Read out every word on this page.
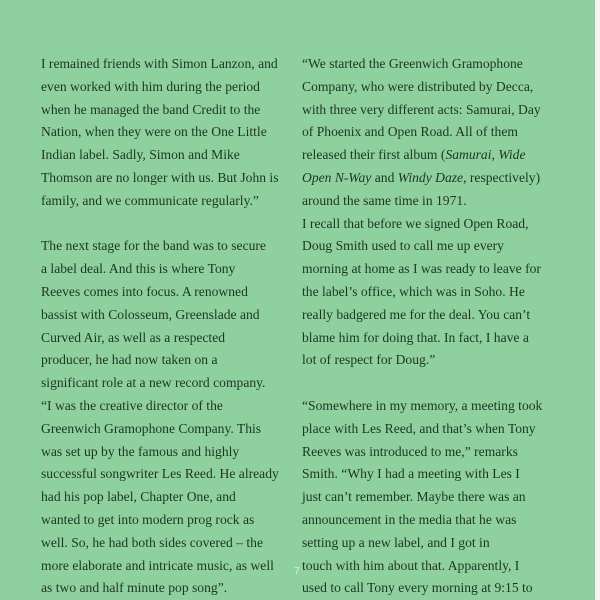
I remained friends with Simon Lanzon, and
even worked with him during the period
when he managed the band Credit to the
Nation, when they were on the One Little
Indian label. Sadly, Simon and Mike
Thomson are no longer with us. But John is
family, and we communicate regularly.”
The next stage for the band was to secure
a label deal. And this is where Tony
Reeves comes into focus. A renowned
bassist with Colosseum, Greenslade and
Curved Air, as well as a respected
producer, he had now taken on a
significant role at a new record company.
“I was the creative director of the
Greenwich Gramophone Company. This
was set up by the famous and highly
successful songwriter Les Reed. He already
had his pop label, Chapter One, and
wanted to get into modern prog rock as
well. So, he had both sides covered – the
more elaborate and intricate music, as well
as two and half minute pop song”.
“We started the Greenwich Gramophone
Company, who were distributed by Decca,
with three very different acts: Samurai, Day
of Phoenix and Open Road. All of them
released their first album (Samurai, Wide
Open N-Way and Windy Daze, respectively)
around the same time in 1971.
I recall that before we signed Open Road,
Doug Smith used to call me up every
morning at home as I was ready to leave for
the label’s office, which was in Soho. He
really badgered me for the deal. You can’t
blame him for doing that. In fact, I have a
lot of respect for Doug.”
“Somewhere in my memory, a meeting took
place with Les Reed, and that’s when Tony
Reeves was introduced to me,” remarks
Smith. “Why I had a meeting with Les I
just can’t remember. Maybe there was an
announcement in the media that he was
setting up a new label, and I got in
touch with him about that. Apparently, I
used to call Tony every morning at 9:15 to
7
